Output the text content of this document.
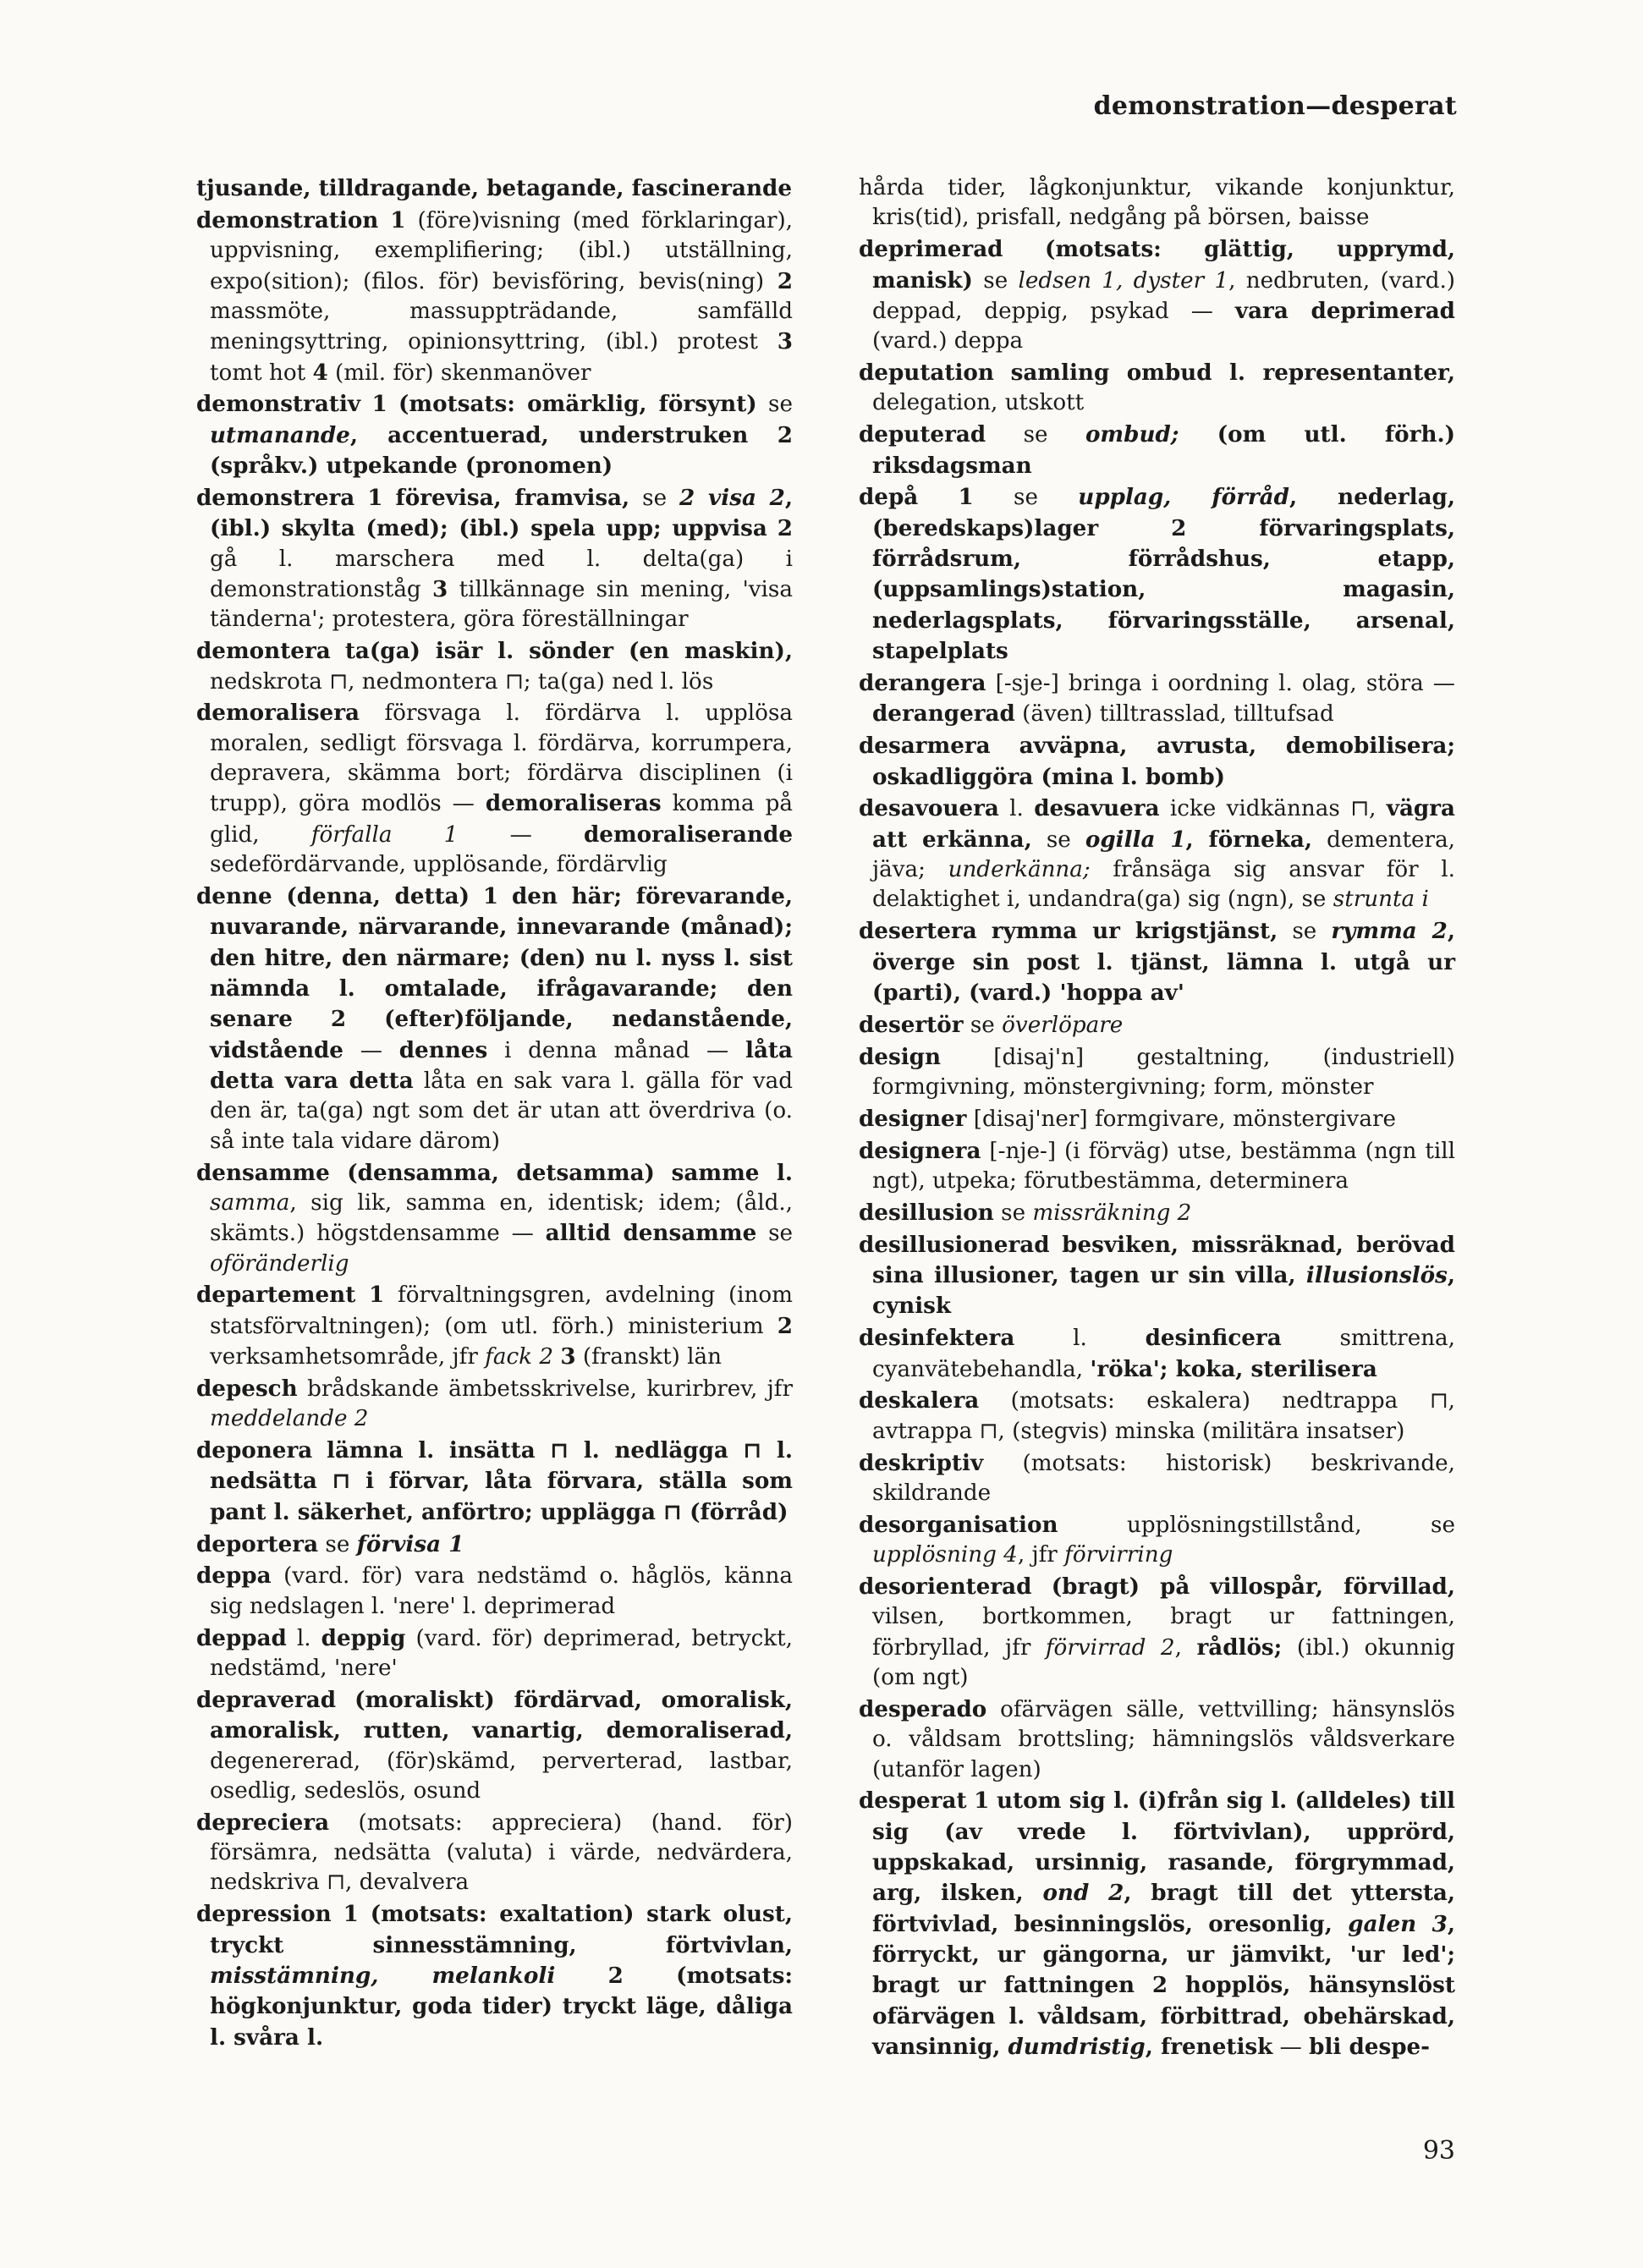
demonstration—desperat

tjusande, tilldragande, betagande, fascinerande

demonstration 1 (före)visning (med förklaringar), uppvisning, exemplifiering; (ibl.) utställning, expo(sition); (filos. för) bevisföring, bevis(ning) 2 massmöte, massuppträdande, samfälld meningsyttring, opinionsyttring, (ibl.) protest 3 tomt hot 4 (mil. för) skenmanöver

demonstrativ 1 (motsats: omärklig, försynt) se utmanande, accentuerad, understruken 2 (språkv.) utpekande (pronomen)

demonstrera 1 förevisa, framvisa, se 2 visa 2, (ibl.) skylta (med); (ibl.) spela upp; uppvisa 2 gå l. marschera med l. delta(ga) i demonstrationståg 3 tillkännage sin mening, 'visa tänderna'; protestera, göra föreställningar

demontera ta(ga) isär l. sönder (en maskin), nedskrota ⊓, nedmontera ⊓; ta(ga) ned l. lös

demoralisera försvaga l. fördärva l. upplösa moralen, sedligt försvaga l. fördärva, korrumpera, depravera, skämma bort; fördärva disciplinen (i trupp), göra modlös — demoraliseras komma på glid, förfalla 1 — demoraliserande sedefördärvande, upplösande, fördärvlig

denne (denna, detta) 1 den här; förevarande, nuvarande, närvarande, innevarande (månad); den hitre, den närmare; (den) nu l. nyss l. sist nämnda l. omtalade, ifrågavarande; den senare 2 (efter)följande, nedanstående, vidstående — dennes i denna månad — låta detta vara detta låta en sak vara l. gälla för vad den är, ta(ga) ngt som det är utan att överdriva (o. så inte tala vidare därom)

densamme (densamma, detsamma) samme l. samma, sig lik, samma en, identisk; idem; (åld., skämts.) högstdensamme — alltid densamme se oföränderlig

departement 1 förvaltningsgren, avdelning (inom statsförvaltningen); (om utl. förh.) ministerium 2 verksamhetsområde, jfr fack 2 3 (franskt) län

depesch brådskande ämbetsskrivelse, kurirbrev, jfr meddelande 2

deponera lämna l. insätta ⊓ l. nedlägga ⊓ l. nedsätta ⊓ i förvar, låta förvara, ställa som pant l. säkerhet, anförtro; upplägga ⊓ (förråd)

deportera se förvisa 1

deppa (vard. för) vara nedstämd o. håglös, känna sig nedslagen l. 'nere' l. deprimerad

deppad l. deppig (vard. för) deprimerad, betryckt, nedstämd, 'nere'

depraverad (moraliskt) fördärvad, omoralisk, amoralisk, rutten, vanartig, demoraliserad, degenererad, (för)skämd, perverterad, lastbar, osedlig, sedeslös, osund

depreciera (motsats: appreciera) (hand. för) försämra, nedsätta (valuta) i värde, nedvärdera, nedskriva ⊓, devalvera

depression 1 (motsats: exaltation) stark olust, tryckt sinnesstämning, förtvivlan, misstämning, melankoli 2 (motsats: högkonjunktur, goda tider) tryckt läge, dåliga l. svåra l.

hårda tider, lågkonjunktur, vikande konjunktur, kris(tid), prisfall, nedgång på börsen, baisse

deprimerad (motsats: glättig, upprymd, manisk) se ledsen 1, dyster 1, nedbruten, (vard.) deppad, deppig, psykad — vara deprimerad (vard.) deppa

deputation samling ombud l. representanter, delegation, utskott

deputerad se ombud; (om utl. förh.) riksdagsman

depå 1 se upplag, förråd, nederlag, (beredskaps)lager	2	förvaringsplats, förrådsrum, förrådshus, etapp, (uppsamlings)station, magasin, nederlagsplats, förvaringsställe, arsenal, stapelplats

derangera [-sje-] bringa i oordning l. olag, störa — derangerad (även) tilltrasslad, tilltufsad

desarmera avväpna, avrusta, demobilisera; oskadliggöra (mina l. bomb)

desavouera l. desavuera icke vidkännas ⊓, vägra att erkänna, se ogilla 1, förneka, dementera, jäva; underkänna; frånsäga sig ansvar för l. delaktighet i, undandra(ga) sig (ngn), se strunta i

desertera rymma ur krigstjänst, se rymma 2, överge sin post l. tjänst, lämna l. utgå ur (parti), (vard.) 'hoppa av'

desertör se överlöpare

design [disaj'n] gestaltning, (industriell) formgivning, mönstergivning; form, mönster

designer [disaj'ner] formgivare, mönstergivare

designera [-nje-] (i förväg) utse, bestämma (ngn till ngt), utpeka; förutbestämma, determinera

desillusion se missräkning 2

desillusionerad besviken, missräknad, berövad sina illusioner, tagen ur sin villa, illusionslös, cynisk

desinfektera l. desinficera smittrena, cyanvätebehandla, 'röka'; koka, sterilisera

deskalera (motsats: eskalera) nedtrappa ⊓, avtrappa ⊓, (stegvis) minska (militära insatser)

deskriptiv (motsats: historisk) beskrivande, skildrande

desorganisation upplösningstillstånd, se upplösning 4, jfr förvirring

desorienterad (bragt) på villospår, förvillad, vilsen, bortkommen, bragt ur fattningen, förbryllad, jfr förvirrad 2, rådlös; (ibl.) okunnig (om ngt)

desperado ofärvägen sälle, vettvilling; hänsynslös o. våldsam brottsling; hämningslös våldsverkare (utanför lagen)

desperat 1 utom sig l. (i)från sig l. (alldeles) till sig (av vrede l. förtvivlan), upprörd, uppskakad, ursinnig, rasande, förgrymmad, arg, ilsken, ond 2, bragt till det yttersta, förtvivlad, besinningslös, oresonlig, galen 3, förryckt, ur gängorna, ur jämvikt, 'ur led'; bragt ur fattningen 2 hopplös, hänsynslöst ofärvägen l. våldsam, förbittrad, obehärskad, vansinnig, dumdristig, frenetisk — bli despe-

93
